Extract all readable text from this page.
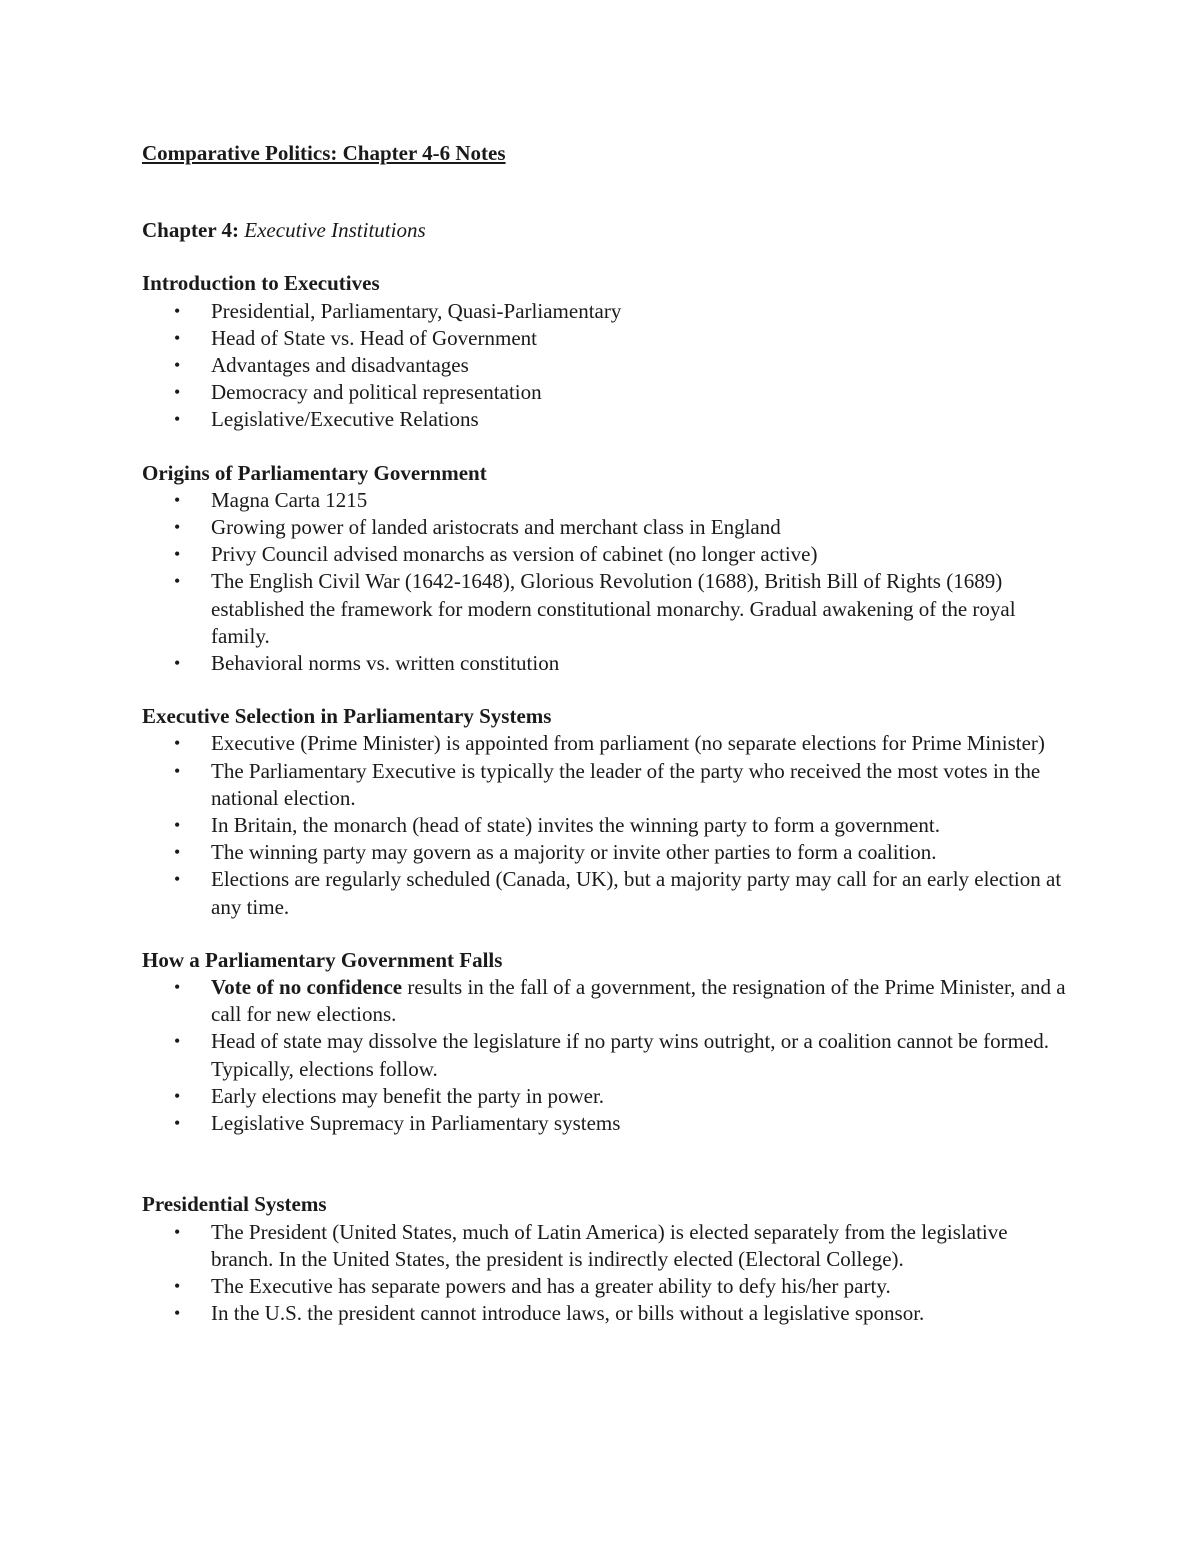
Comparative Politics: Chapter 4-6 Notes
Chapter 4: Executive Institutions
Introduction to Executives
• Presidential, Parliamentary, Quasi-Parliamentary
• Head of State vs. Head of Government
• Advantages and disadvantages
• Democracy and political representation
• Legislative/Executive Relations
Origins of Parliamentary Government
• Magna Carta 1215
• Growing power of landed aristocrats and merchant class in England
• Privy Council advised monarchs as version of cabinet (no longer active)
• The English Civil War (1642-1648), Glorious Revolution (1688), British Bill of Rights (1689) established the framework for modern constitutional monarchy. Gradual awakening of the royal family.
• Behavioral norms vs. written constitution
Executive Selection in Parliamentary Systems
• Executive (Prime Minister) is appointed from parliament (no separate elections for Prime Minister)
• The Parliamentary Executive is typically the leader of the party who received the most votes in the national election.
• In Britain, the monarch (head of state) invites the winning party to form a government.
• The winning party may govern as a majority or invite other parties to form a coalition.
• Elections are regularly scheduled (Canada, UK), but a majority party may call for an early election at any time.
How a Parliamentary Government Falls
• Vote of no confidence results in the fall of a government, the resignation of the Prime Minister, and a call for new elections.
• Head of state may dissolve the legislature if no party wins outright, or a coalition cannot be formed. Typically, elections follow.
• Early elections may benefit the party in power.
• Legislative Supremacy in Parliamentary systems
Presidential Systems
• The President (United States, much of Latin America) is elected separately from the legislative branch. In the United States, the president is indirectly elected (Electoral College).
• The Executive has separate powers and has a greater ability to defy his/her party.
• In the U.S. the president cannot introduce laws, or bills without a legislative sponsor.
